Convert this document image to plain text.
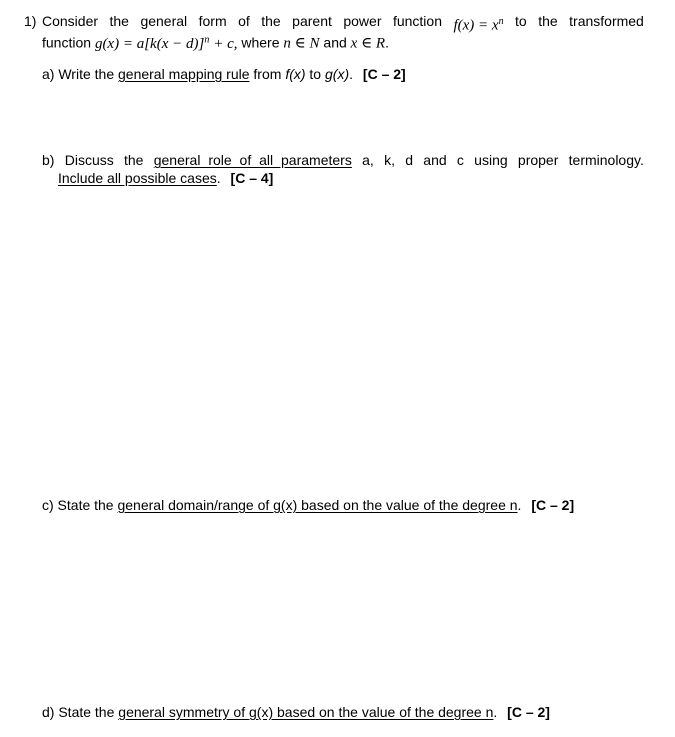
1) Consider the general form of the parent power function $f(x) = x^n$ to the transformed
function $g(x) = a[k(x - d)]^n + c$, where n ∈ N and x ∈ R.
a) Write the general mapping rule from f(x) to g(x). [C – 2]
b) Discuss the general role of all parameters a, k, d and c using proper terminology.
Include all possible cases. [C – 4]
c) State the general domain/range of g(x) based on the value of the degree n. [C – 2]
d) State the general symmetry of g(x) based on the value of the degree n. [C – 2]
